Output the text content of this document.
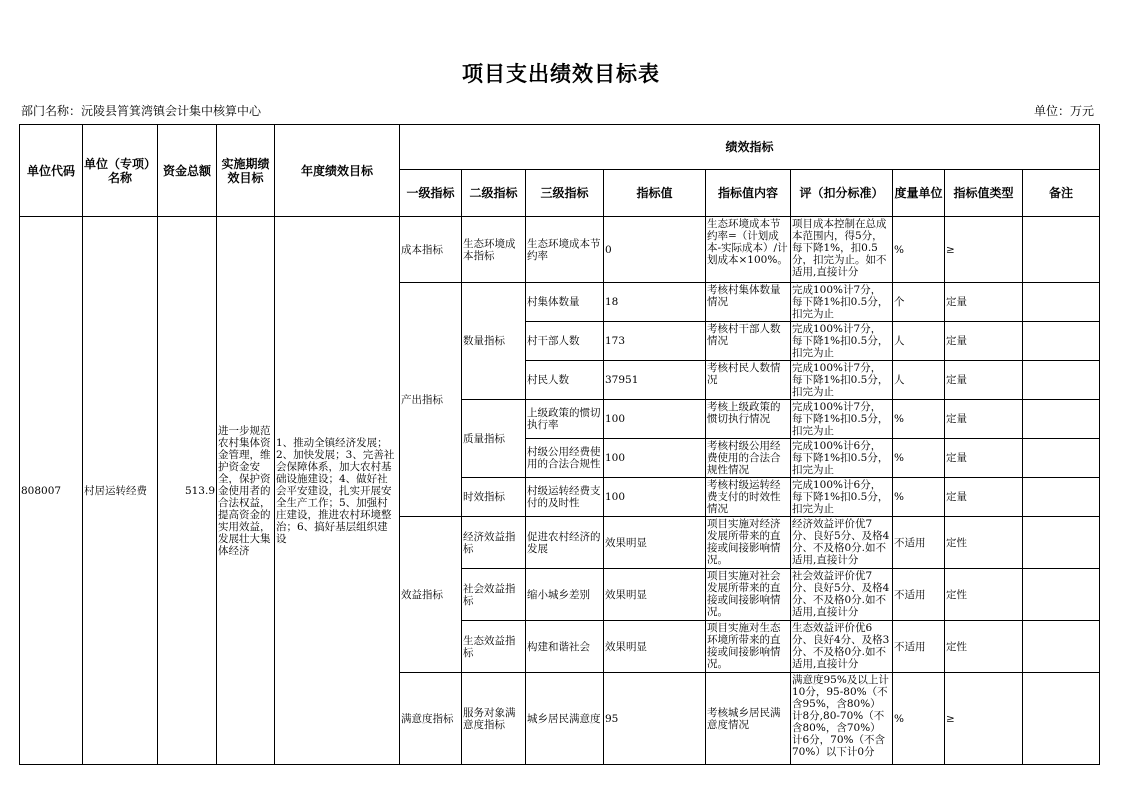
项目支出绩效目标表
部门名称：沅陵县筲箕湾镇会计集中核算中心	单位：万元
单位代码	单位（专项）名称	资金总额	实施期绩效目标	年度绩效目标	绩效指标								
					一级指标	二级指标	三级指标	指标值	指标值内容	评（扣分标准）	度量单位	指标值类型	备注
808007	村居运转经费	513.9	进一步规范农村集体资金管理，维护资金安全，保护资金使用者的合法权益，提高资金的实用效益，发展壮大集体经济	1、推动全镇经济发展；2、加快发展；3、完善社会保障体系，加大农村基础设施建设；4、做好社会平安建设，扎实开展安全生产工作；5、加强村庄建设，推进农村环境整治；6、搞好基层组织建设	成本指标	生态环境成本指标	生态环境成本节约率	0	生态环境成本节约率=（计划成本-实际成本）/计划成本×100%。	项目成本控制在总成本范围内，得5分，每下降1%，扣0.5分，扣完为止。如不适用,直接计分	%	≥	
					产出指标	数量指标	村集体数量	18	考核村集体数量情况	完成100%计7分，每下降1%扣0.5分，扣完为止	个	定量	
							村干部人数	173	考核村干部人数情况	完成100%计7分，每下降1%扣0.5分，扣完为止	人	定量	
							村民人数	37951	考核村民人数情况	完成100%计7分，每下降1%扣0.5分，扣完为止	人	定量	
						质量指标	上级政策的惯切执行率	100	考核上级政策的惯切执行情况	完成100%计7分，每下降1%扣0.5分，扣完为止	%	定量	
							村级公用经费使用的合法合规性	100	考核村级公用经费使用的合法合规性情况	完成100%计6分，每下降1%扣0.5分，扣完为止	%	定量	
						时效指标	村级运转经费支付的及时性	100	考核村级运转经费支付的时效性情况	完成100%计6分，每下降1%扣0.5分，扣完为止	%	定量	
					效益指标	经济效益指标	促进农村经济的发展	效果明显	项目实施对经济发展所带来的直接或间接影响情况。	经济效益评价优7分、良好5分、及格4分、不及格0分.如不适用,直接计分	不适用	定性	
						社会效益指标	缩小城乡差别	效果明显	项目实施对社会发展所带来的直接或间接影响情况。	社会效益评价优7分、良好5分、及格4分、不及格0分.如不适用,直接计分	不适用	定性	
						生态效益指标	构建和谐社会	效果明显	项目实施对生态环境所带来的直接或间接影响情况。	生态效益评价优6分、良好4分、及格3分、不及格0分.如不适用,直接计分	不适用	定性	
					满意度指标	服务对象满意度指标	城乡居民满意度	95	考核城乡居民满意度情况	满意度95%及以上计10分，95-80%（不含95%，含80%）计8分,80-70%（不含80%，含70%）计6分，70%（不含70%）以下计0分	%	≥	
